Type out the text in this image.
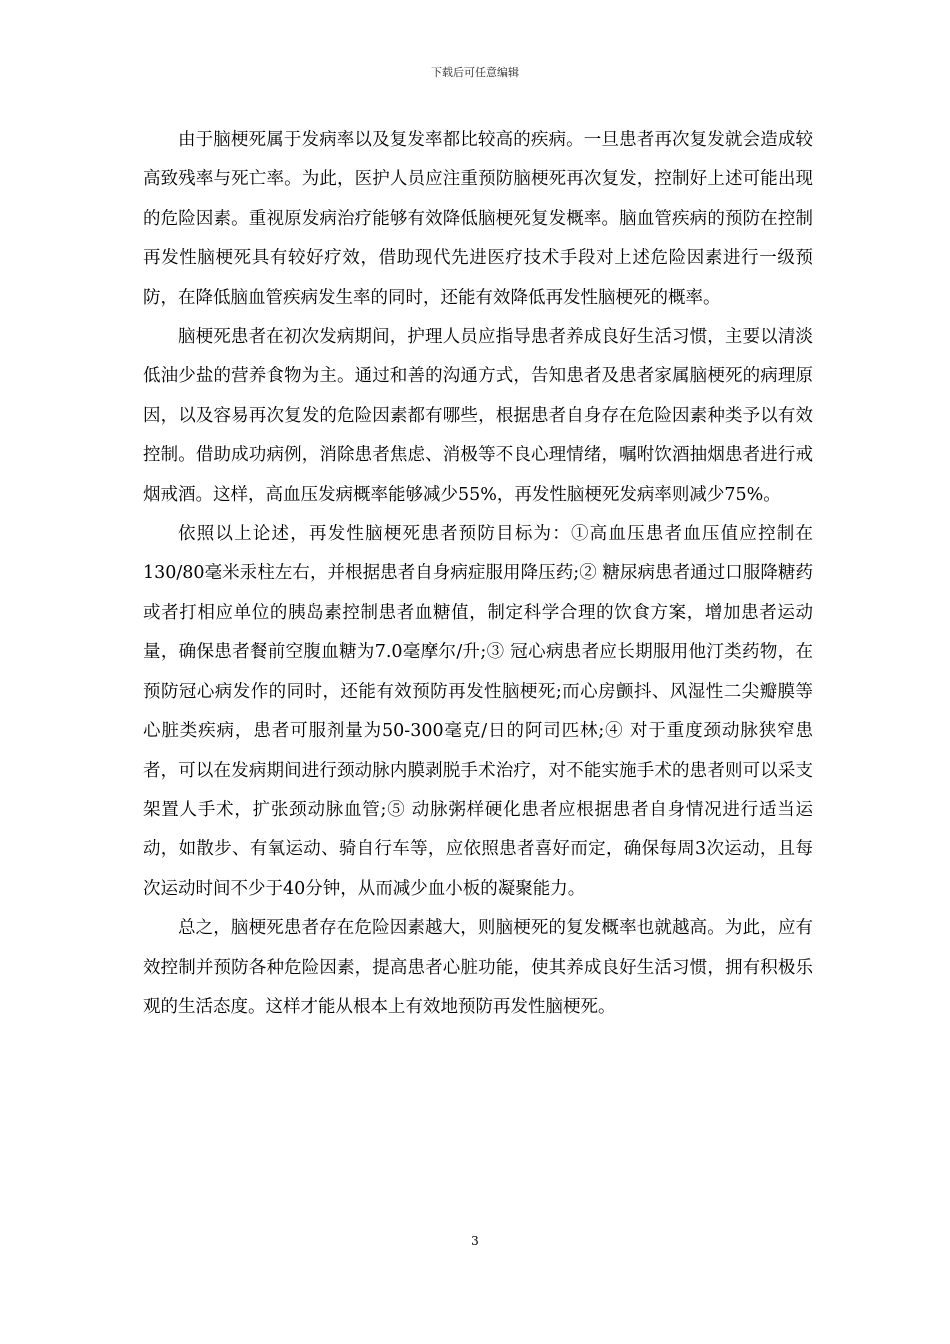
下载后可任意编辑

由于脑梗死属于发病率以及复发率都比较高的疾病。一旦患者再次复发就会造成较高致残率与死亡率。为此，医护人员应注重预防脑梗死再次复发，控制好上述可能出现的危险因素。重视原发病治疗能够有效降低脑梗死复发概率。脑血管疾病的预防在控制再发性脑梗死具有较好疗效，借助现代先进医疗技术手段对上述危险因素进行一级预防，在降低脑血管疾病发生率的同时，还能有效降低再发性脑梗死的概率。

脑梗死患者在初次发病期间，护理人员应指导患者养成良好生活习惯，主要以清淡低油少盐的营养食物为主。通过和善的沟通方式，告知患者及患者家属脑梗死的病理原因，以及容易再次复发的危险因素都有哪些，根据患者自身存在危险因素种类予以有效控制。借助成功病例，消除患者焦虑、消极等不良心理情绪，嘱咐饮酒抽烟患者进行戒烟戒酒。这样，高血压发病概率能够减少55%，再发性脑梗死发病率则减少75%。

依照以上论述，再发性脑梗死患者预防目标为：①高血压患者血压值应控制在130/80毫米汞柱左右，并根据患者自身病症服用降压药;② 糖尿病患者通过口服降糖药或者打相应单位的胰岛素控制患者血糖值，制定科学合理的饮食方案，增加患者运动量，确保患者餐前空腹血糖为7.0毫摩尔/升;③ 冠心病患者应长期服用他汀类药物，在预防冠心病发作的同时，还能有效预防再发性脑梗死;而心房颤抖、风湿性二尖瓣膜等心脏类疾病，患者可服剂量为50-300毫克/日的阿司匹林;④ 对于重度颈动脉狭窄患者，可以在发病期间进行颈动脉内膜剥脱手术治疗，对不能实施手术的患者则可以采支架置人手术，扩张颈动脉血管;⑤ 动脉粥样硬化患者应根据患者自身情况进行适当运动，如散步、有氧运动、骑自行车等，应依照患者喜好而定，确保每周3次运动，且每次运动时间不少于40分钟，从而减少血小板的凝聚能力。

总之，脑梗死患者存在危险因素越大，则脑梗死的复发概率也就越高。为此，应有效控制并预防各种危险因素，提高患者心脏功能，使其养成良好生活习惯，拥有积极乐观的生活态度。这样才能从根本上有效地预防再发性脑梗死。

3
